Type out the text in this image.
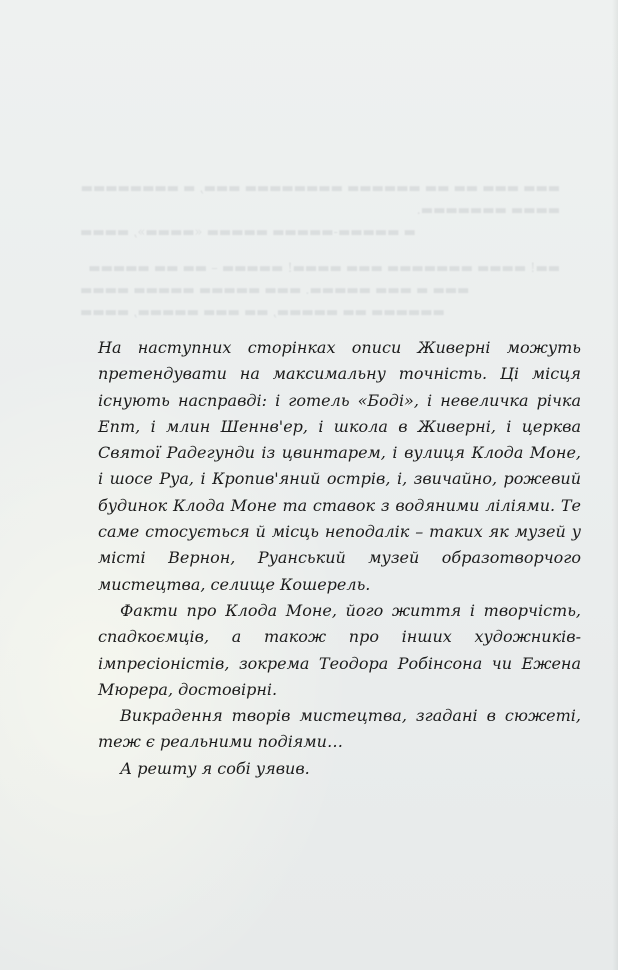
▬▬▬ ▬▬▬ ▬▬ ▬▬ ▬▬▬▬▬▬ ▬▬▬▬▬▬▬▬ ▬▬▬, ▬ ▬▬▬▬▬▬▬▬
▬▬▬▬ ▬▬▬▬▬▬▬.
▬ ▬▬▬▬▬-▬▬▬▬▬ ▬▬▬▬▬ «▬▬▬▬», ▬▬▬▬
▬▬! ▬▬▬▬ ▬▬▬▬▬▬▬ ▬▬▬ ▬▬▬▬! ▬▬▬▬▬ – ▬▬ ▬▬ ▬▬▬▬▬
▬▬▬ ▬ ▬▬▬ ▬▬▬▬▬. ▬▬▬ ▬▬▬▬▬ ▬▬▬▬▬ ▬▬▬▬
▬▬▬▬▬▬ ▬▬ ▬▬▬▬▬, ▬▬ ▬▬▬ ▬▬▬▬▬, ▬▬▬▬

На наступних сторінках описи Живерні можуть претендувати на максимальну точність. Ці місця існують насправді: і готель «Боді», і невеличка річка Епт, і млин Шеннв'ер, і школа в Живерні, і церква Святої Радегунди із цвинтарем, і вулиця Клода Моне, і шосе Руа, і Кропив'яний острів, і, звичайно, рожевий будинок Клода Моне та ставок з водяними ліліями. Те саме стосується й місць неподалік – таких як музей у місті Вернон, Руанський музей образотворчого мистецтва, селище Кошерель.

Факти про Клода Моне, його життя і творчість, спадкоємців, а також про інших художників-імпресіоністів, зокрема Теодора Робінсона чи Ежена Мюрера, достовірні.

Викрадення творів мистецтва, згадані в сюжеті, теж є реальними подіями…

А решту я собі уявив.
